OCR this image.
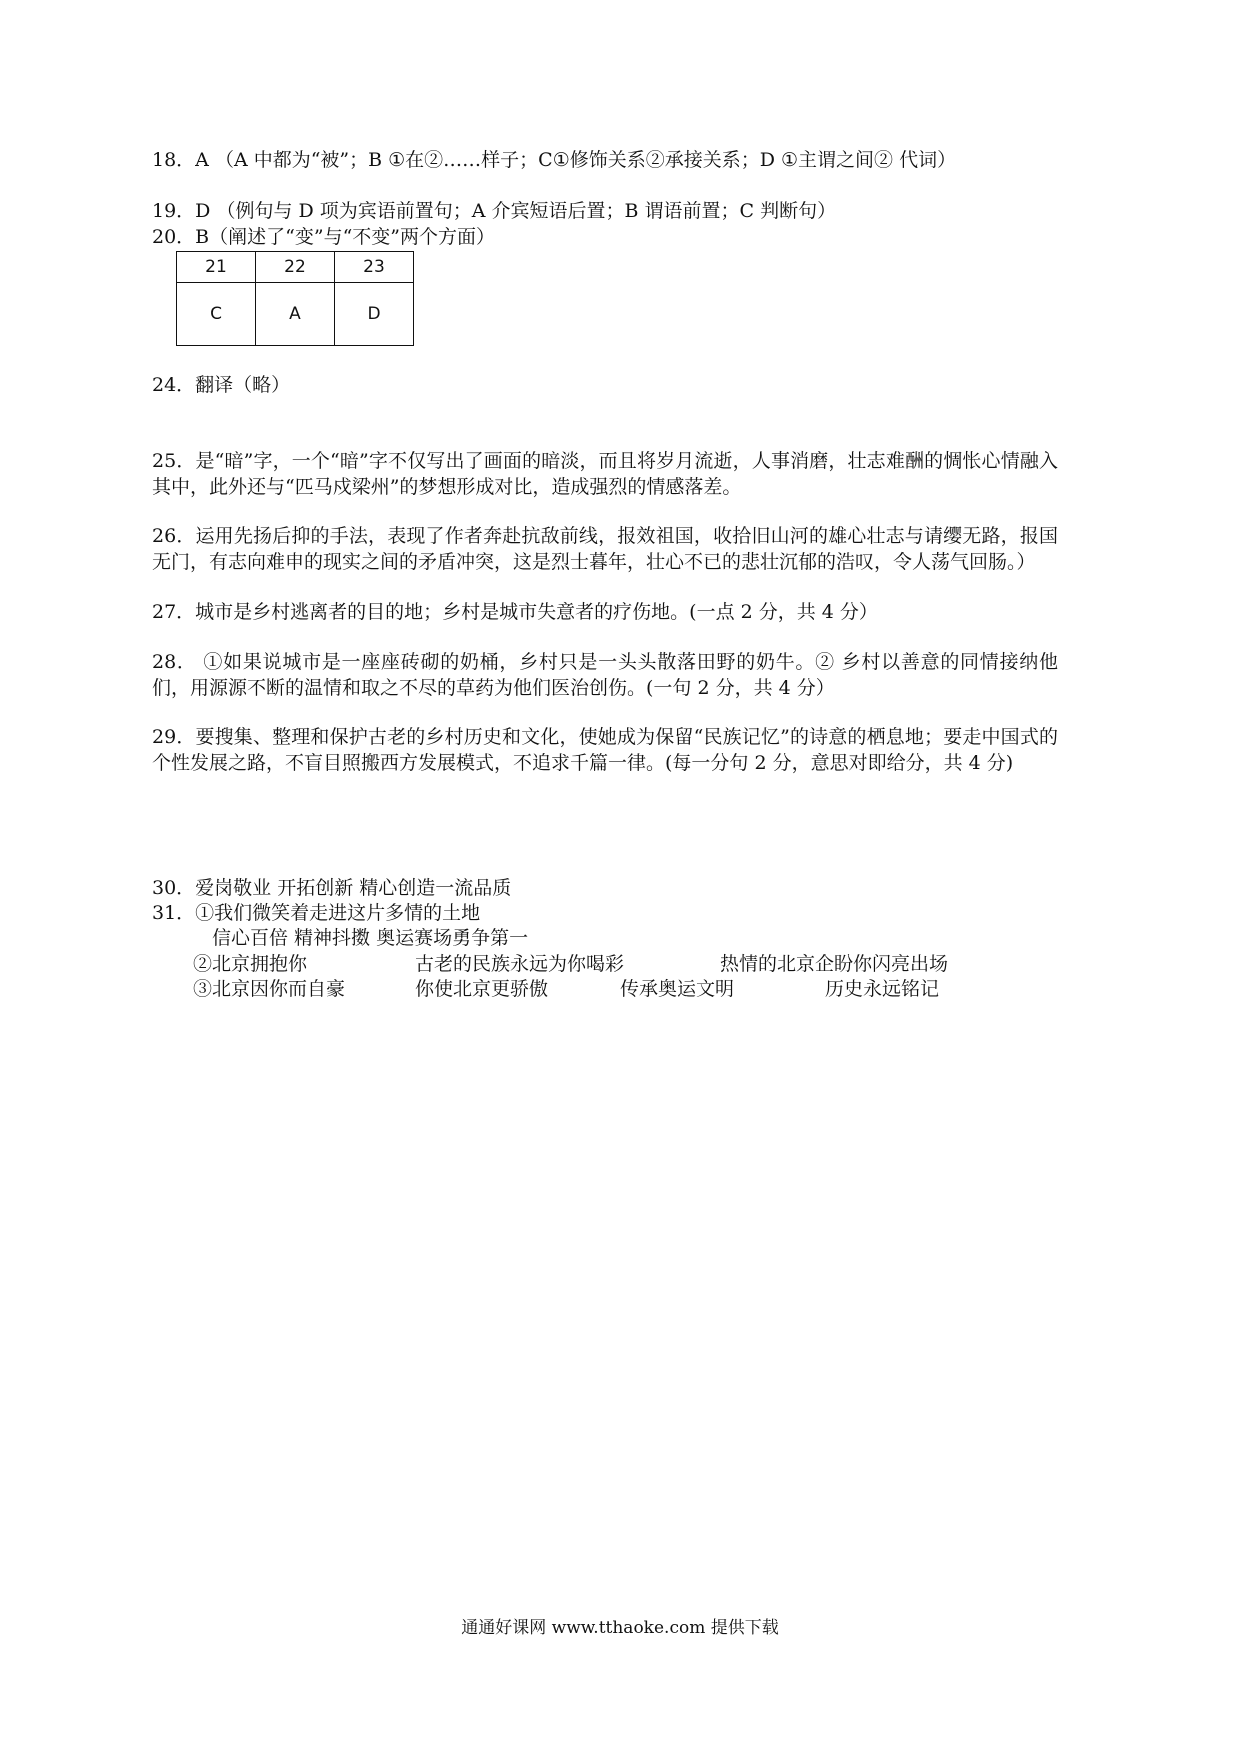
18．A （A 中都为“被”；B ①在②……样子；C①修饰关系②承接关系；D ①主谓之间② 代词）
19．D （例句与 D 项为宾语前置句；A 介宾短语后置；B 谓语前置；C 判断句）
20．B（阐述了“变”与“不变”两个方面）
21	22	23
C	A	D
24．翻译（略）
25．是“暗”字，一个“暗”字不仅写出了画面的暗淡，而且将岁月流逝，人事消磨，壮志难酬的惆怅心情融入其中，此外还与“匹马戍梁州”的梦想形成对比，造成强烈的情感落差。
26．运用先扬后抑的手法，表现了作者奔赴抗敌前线，报效祖国，收拾旧山河的雄心壮志与请缨无路，报国无门，有志向难申的现实之间的矛盾冲突，这是烈士暮年，壮心不已的悲壮沉郁的浩叹，令人荡气回肠。）
27．城市是乡村逃离者的目的地；乡村是城市失意者的疗伤地。(一点 2 分，共 4 分）
28． ①如果说城市是一座座砖砌的奶桶，乡村只是一头头散落田野的奶牛。② 乡村以善意的同情接纳他们，用源源不断的温情和取之不尽的草药为他们医治创伤。(一句 2 分，共 4 分）
29．要搜集、整理和保护古老的乡村历史和文化，使她成为保留“民族记忆”的诗意的栖息地；要走中国式的个性发展之路，不盲目照搬西方发展模式，不追求千篇一律。(每一分句 2 分，意思对即给分，共 4 分)
30．爱岗敬业 开拓创新 精心创造一流品质
31．①我们微笑着走进这片多情的土地
信心百倍 精神抖擞 奥运赛场勇争第一
②北京拥抱你	古老的民族永远为你喝彩	热情的北京企盼你闪亮出场
③北京因你而自豪	你使北京更骄傲	传承奥运文明	历史永远铭记
通通好课网 www.tthaoke.com 提供下载
